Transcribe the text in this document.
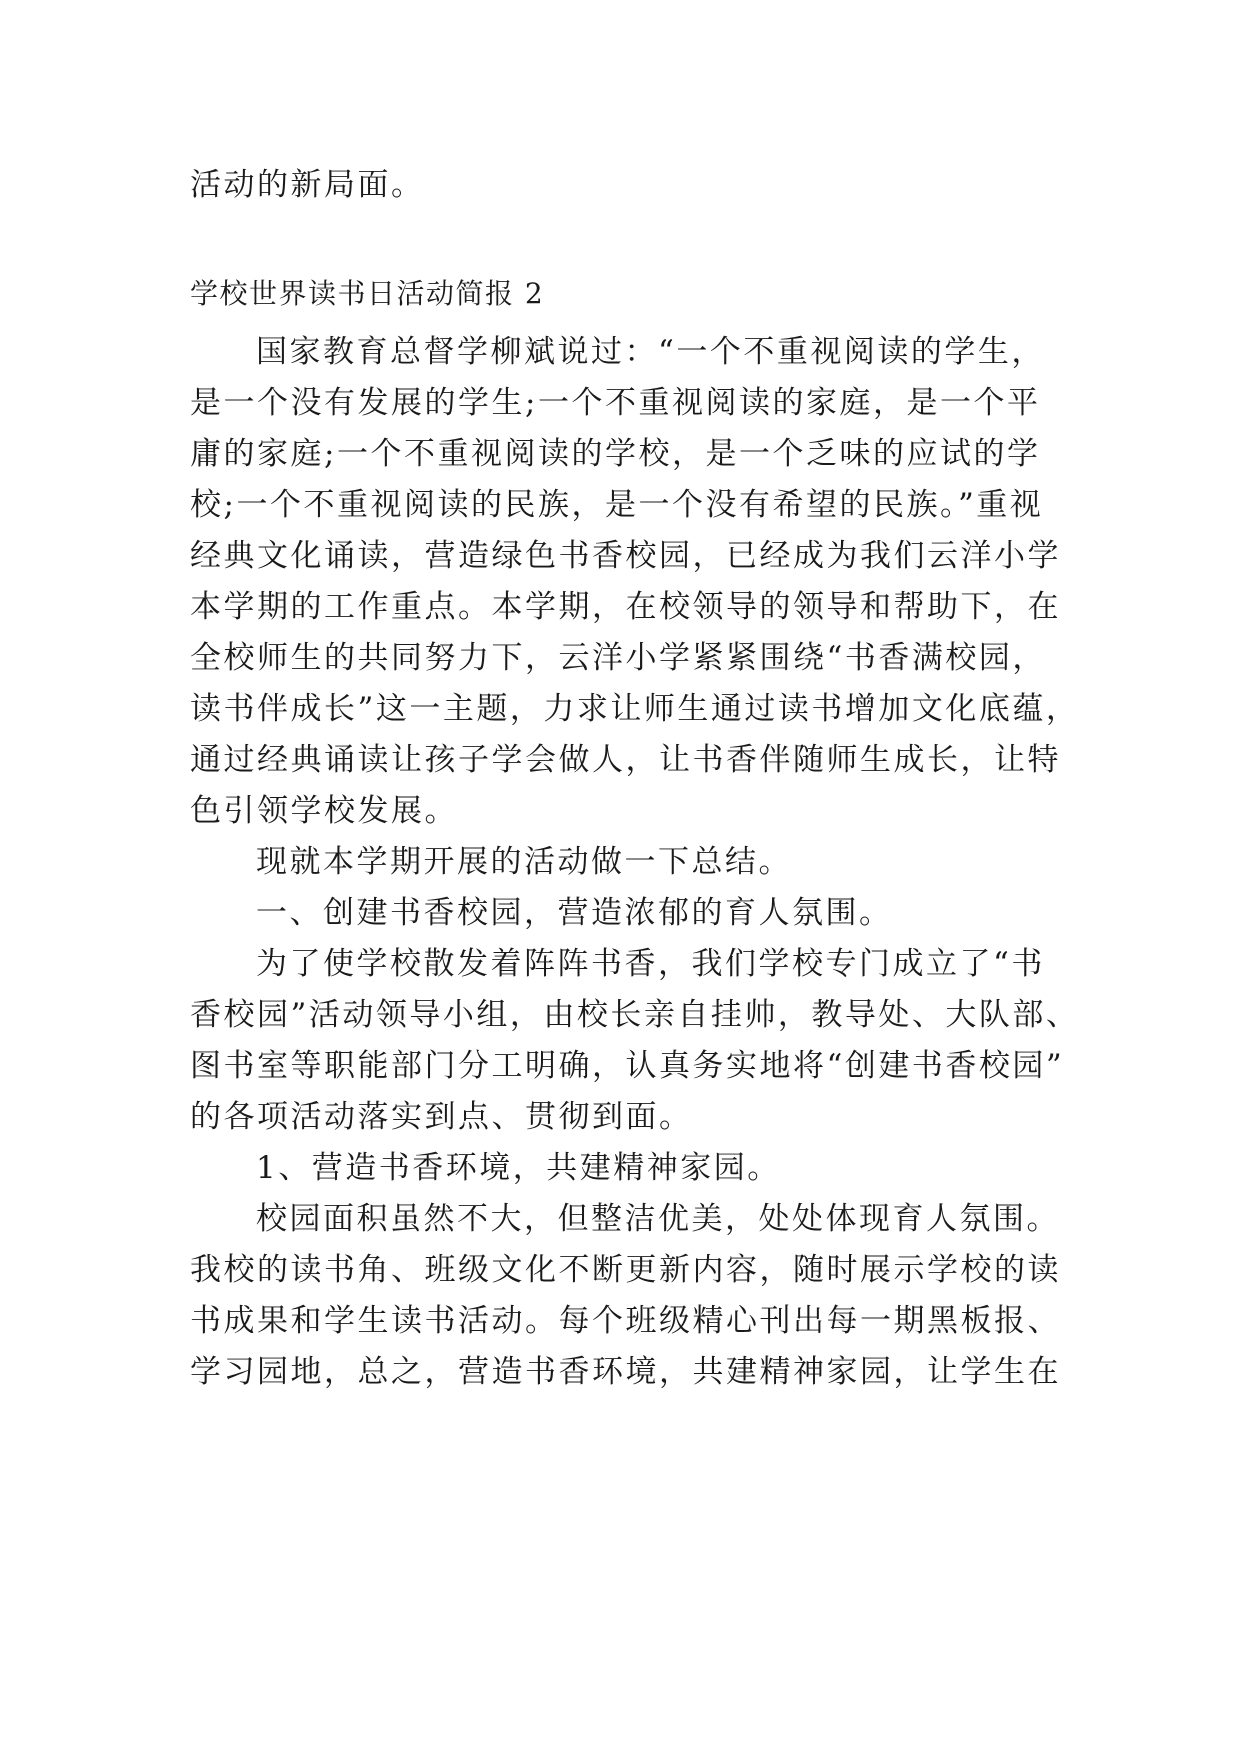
活动的新局面。
学校世界读书日活动简报 2
国家教育总督学柳斌说过：“一个不重视阅读的学生，
是一个没有发展的学生;一个不重视阅读的家庭，是一个平
庸的家庭;一个不重视阅读的学校，是一个乏味的应试的学
校;一个不重视阅读的民族，是一个没有希望的民族。”重视
经典文化诵读，营造绿色书香校园，已经成为我们云洋小学
本学期的工作重点。本学期，在校领导的领导和帮助下，在
全校师生的共同努力下，云洋小学紧紧围绕“书香满校园，
读书伴成长”这一主题，力求让师生通过读书增加文化底蕴，
通过经典诵读让孩子学会做人，让书香伴随师生成长，让特
色引领学校发展。
现就本学期开展的活动做一下总结。
一、创建书香校园，营造浓郁的育人氛围。
为了使学校散发着阵阵书香，我们学校专门成立了“书
香校园”活动领导小组，由校长亲自挂帅，教导处、大队部、
图书室等职能部门分工明确，认真务实地将“创建书香校园”
的各项活动落实到点、贯彻到面。
1、营造书香环境，共建精神家园。
校园面积虽然不大，但整洁优美，处处体现育人氛围。
我校的读书角、班级文化不断更新内容，随时展示学校的读
书成果和学生读书活动。每个班级精心刊出每一期黑板报、
学习园地，总之，营造书香环境，共建精神家园，让学生在
